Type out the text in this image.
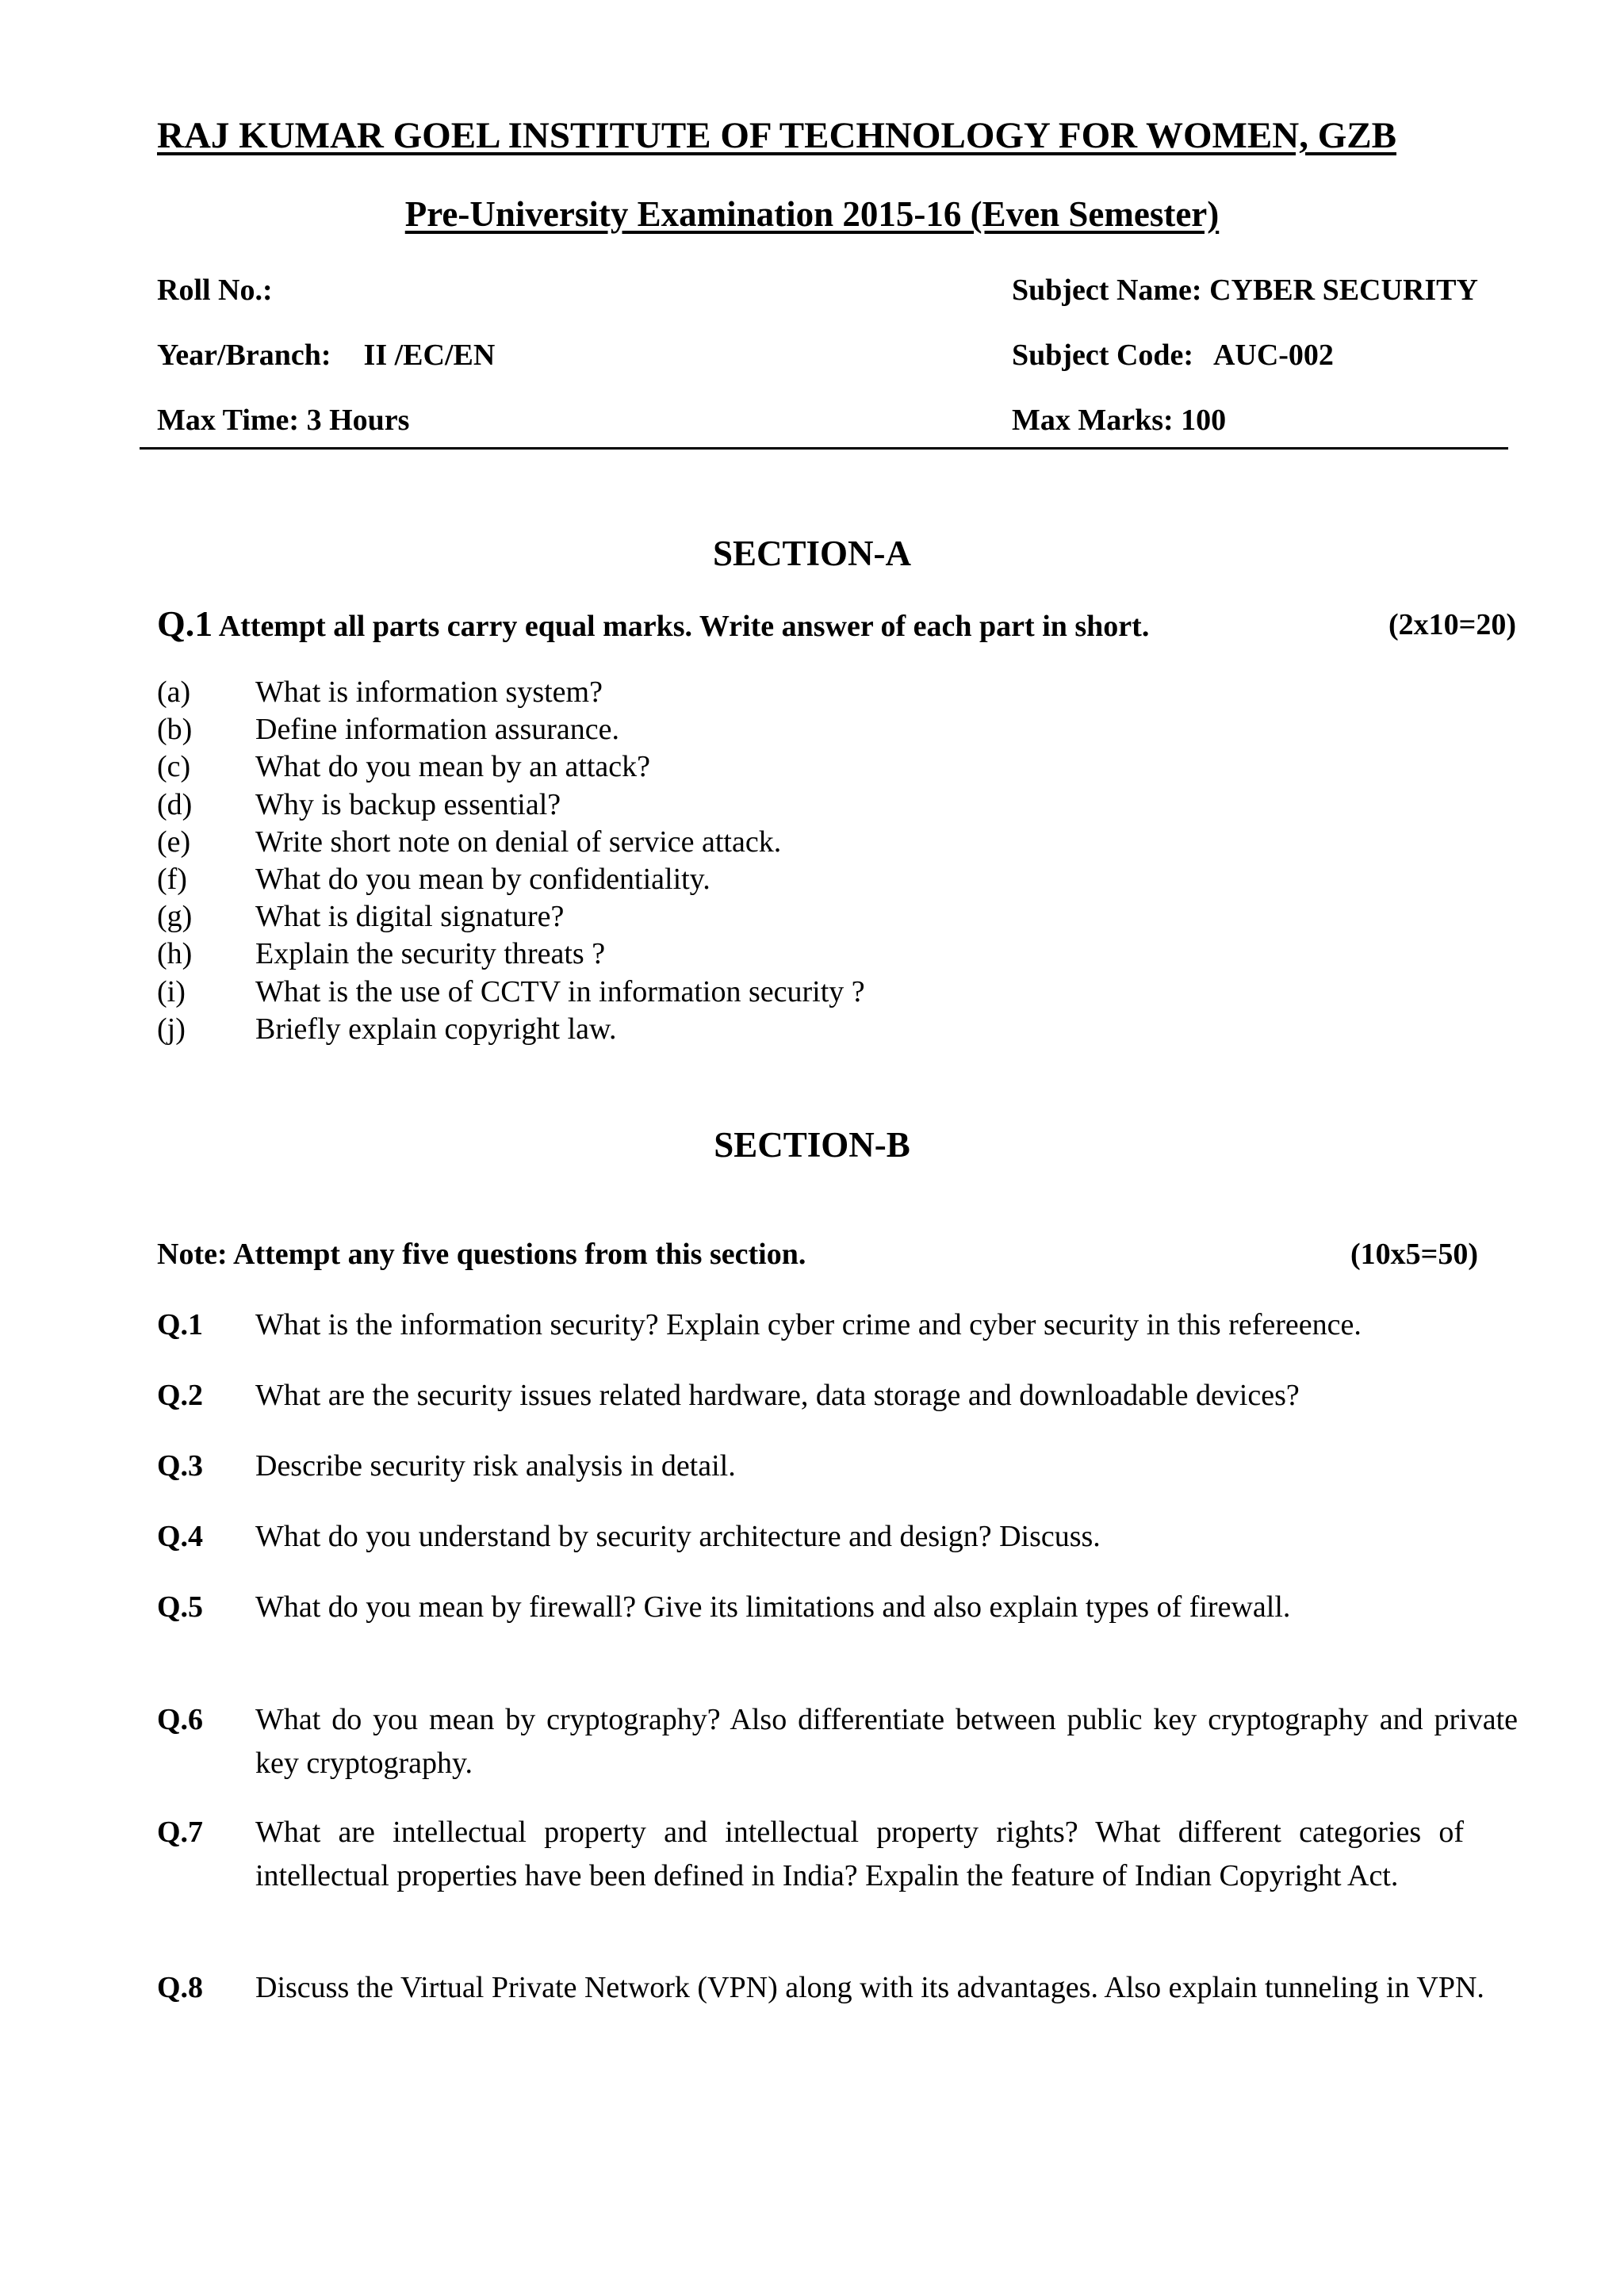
RAJ KUMAR GOEL INSTITUTE OF TECHNOLOGY FOR WOMEN, GZB
Pre-University Examination 2015-16 (Even Semester)
Roll No.:	Subject Name: CYBER SECURITY
Year/Branch: II /EC/EN	Subject Code: AUC-002
Max Time: 3 Hours	Max Marks: 100
SECTION-A
Q.1 Attempt all parts carry equal marks. Write answer of each part in short.	(2x10=20)
(a) What is information system?
(b) Define information assurance.
(c) What do you mean by an attack?
(d) Why is backup essential?
(e) Write short note on denial of service attack.
(f) What do you mean by confidentiality.
(g) What is digital signature?
(h) Explain the security threats ?
(i) What is the use of CCTV in information security ?
(j) Briefly explain copyright law.
SECTION-B
Note: Attempt any five questions from this section.	(10x5=50)
Q.1 What is the information security? Explain cyber crime and cyber security in this refereence.
Q.2 What are the security issues related hardware, data storage and downloadable devices?
Q.3 Describe security risk analysis in detail.
Q.4 What do you understand by security architecture and design? Discuss.
Q.5 What do you mean by firewall? Give its limitations and also explain types of firewall.
Q.6 What do you mean by cryptography? Also differentiate between public key cryptography and private key cryptography.
Q.7 What are intellectual property and intellectual property rights? What different categories of intellectual properties have been defined in India? Expalin the feature of Indian Copyright Act.
Q.8 Discuss the Virtual Private Network (VPN) along with its advantages. Also explain tunneling in VPN.
